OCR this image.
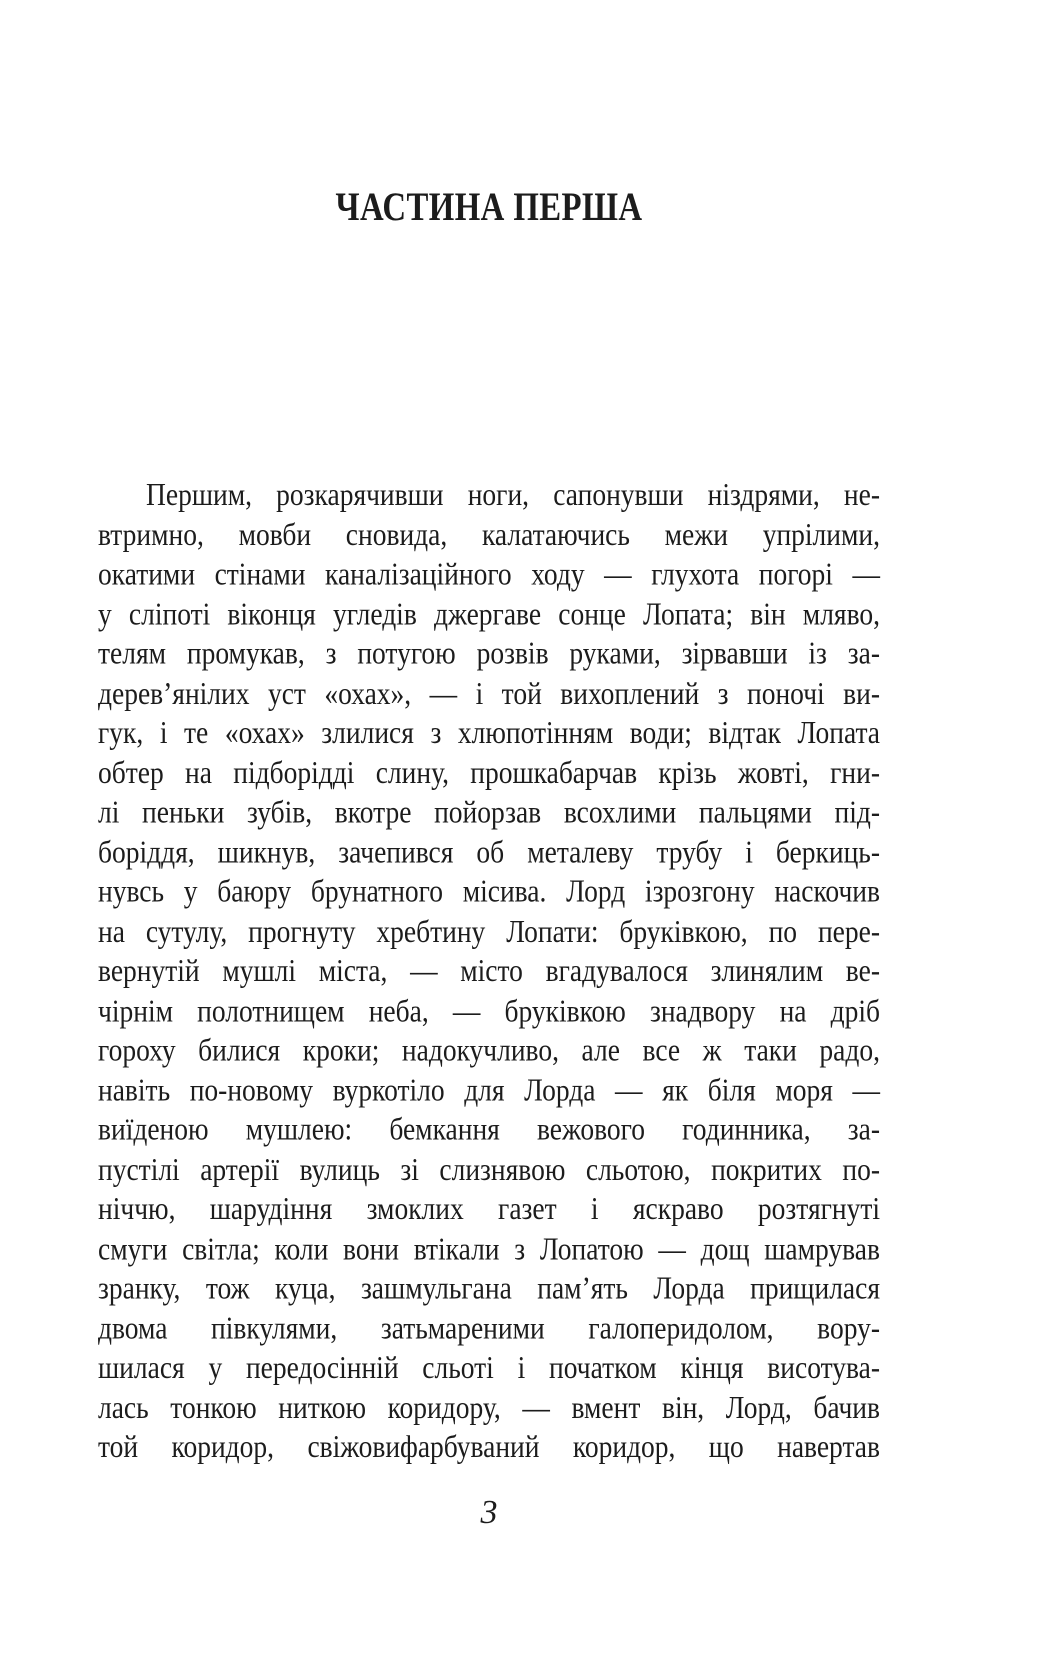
ЧАСТИНА ПЕРША
Першим, розкарячивши ноги, сапонувши ніздрями, не-
втримно, мовби сновида, калатаючись межи упрілими,
окатими стінами каналізаційного ходу — глухота погорі —
у сліпоті віконця угледів джергаве сонце Лопата; він мляво,
телям промукав, з потугою розвів руками, зірвавши із за-
дерев’янілих уст «охах», — і той вихоплений з поночі ви-
гук, і те «охах» злилися з хлюпотінням води; відтак Лопата
обтер на підборідді слину, прошкабарчав крізь жовті, гни-
лі пеньки зубів, вкотре пойорзав всохлими пальцями під-
боріддя, шикнув, зачепився об металеву трубу і беркиць-
нувсь у баюру брунатного місива. Лорд ізрозгону наскочив
на сутулу, прогнуту хребтину Лопати: бруківкою, по пере-
вернутій мушлі міста, — місто вгадувалося злинялим ве-
чірнім полотнищем неба, — бруківкою знадвору на дріб
гороху билися кроки; надокучливо, але все ж таки радо,
навіть по-новому вуркотіло для Лорда — як біля моря —
виїденою мушлею: бемкання вежового годинника, за-
пустілі артерії вулиць зі слизнявою сльотою, покритих по-
ніччю, шарудіння змоклих газет і яскраво розтягнуті
смуги світла; коли вони втікали з Лопатою — дощ шамрував
зранку, тож куца, зашмульгана пам’ять Лорда прищилася
двома півкулями, затьмареними галоперидолом, вору-
шилася у передосінній сльоті і початком кінця висотува-
лась тонкою ниткою коридору, — вмент він, Лорд, бачив
той коридор, свіжовифарбуваний коридор, що навертав
3
